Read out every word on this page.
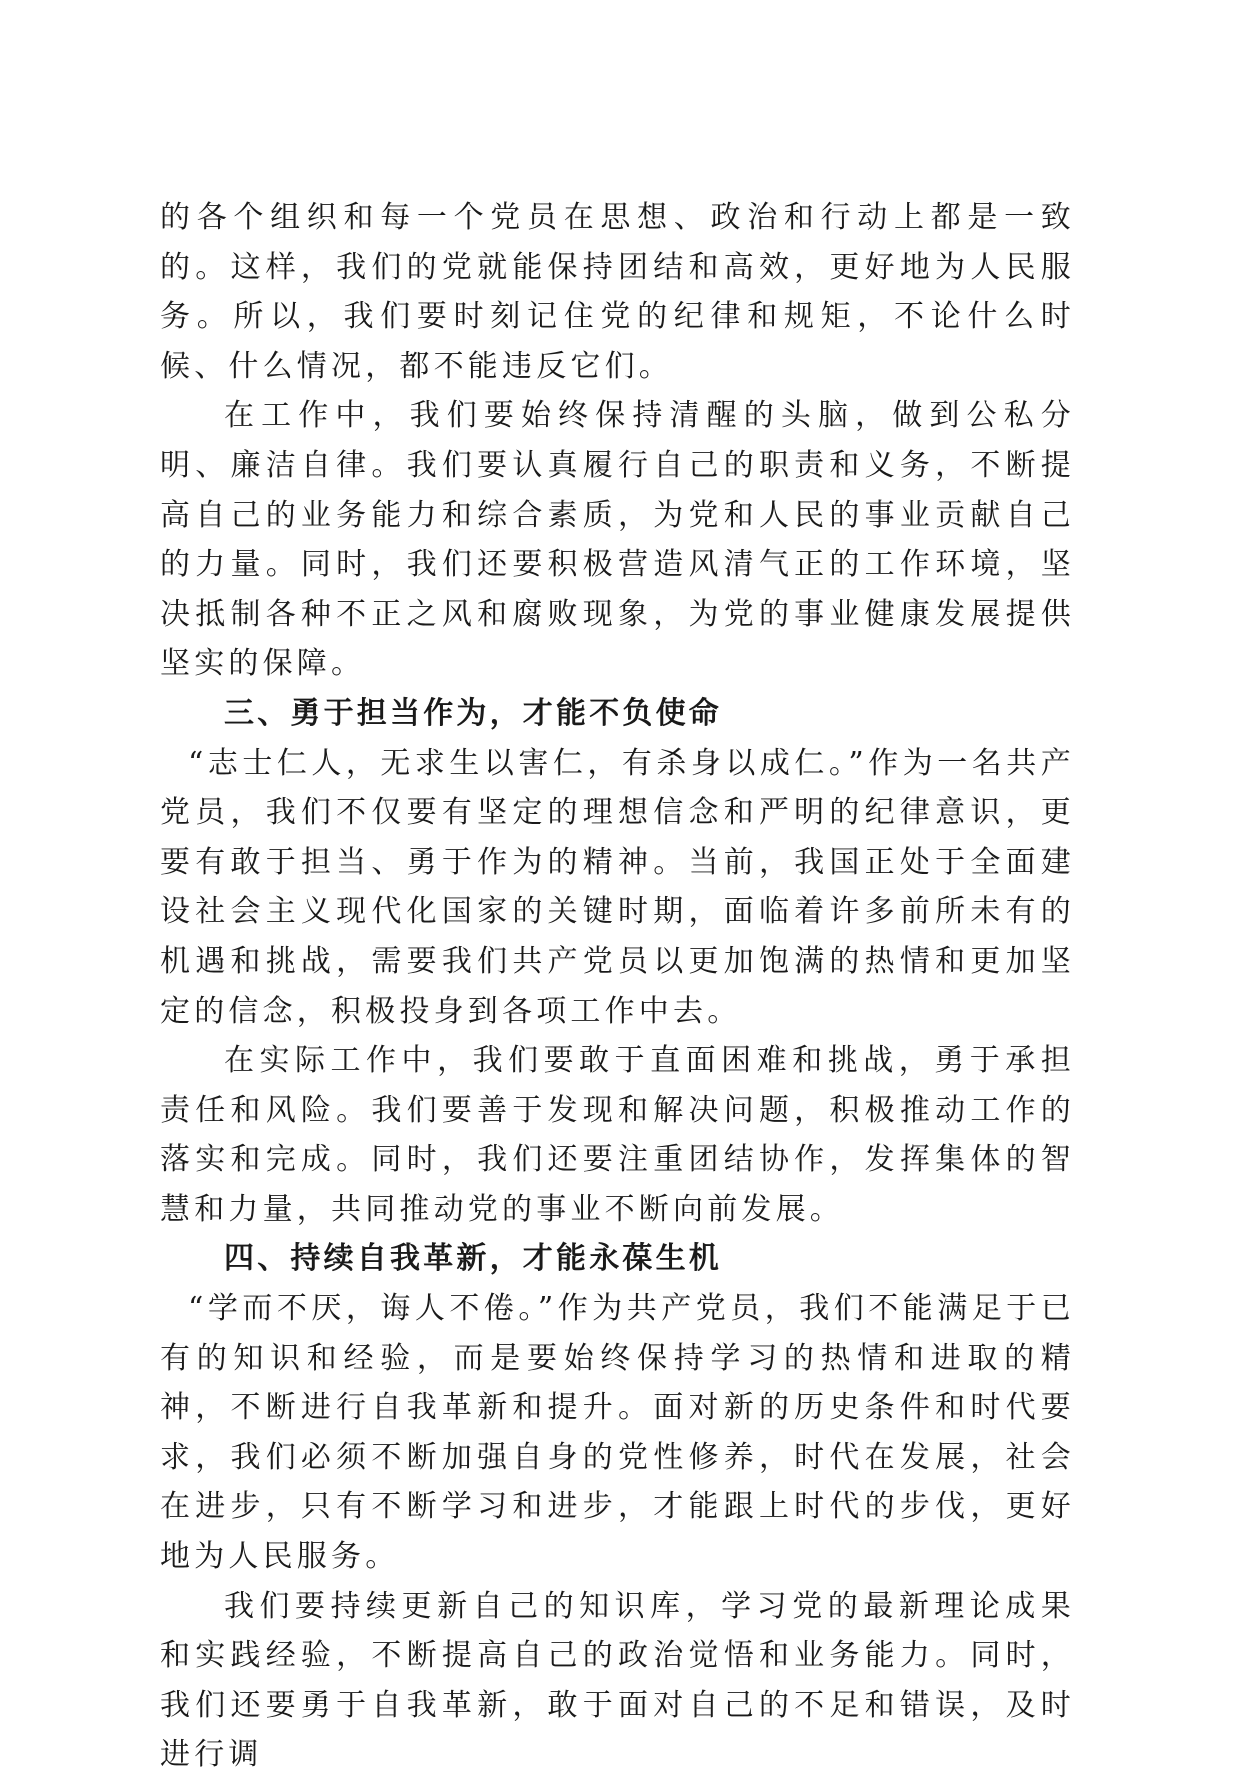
的各个组织和每一个党员在思想、政治和行动上都是一致的。这样，我们的党就能保持团结和高效，更好地为人民服务。所以，我们要时刻记住党的纪律和规矩，不论什么时候、什么情况，都不能违反它们。

在工作中，我们要始终保持清醒的头脑，做到公私分明、廉洁自律。我们要认真履行自己的职责和义务，不断提高自己的业务能力和综合素质，为党和人民的事业贡献自己的力量。同时，我们还要积极营造风清气正的工作环境，坚决抵制各种不正之风和腐败现象，为党的事业健康发展提供坚实的保障。

三、勇于担当作为，才能不负使命

“志士仁人，无求生以害仁，有杀身以成仁。”作为一名共产党员，我们不仅要有坚定的理想信念和严明的纪律意识，更要有敢于担当、勇于作为的精神。当前，我国正处于全面建设社会主义现代化国家的关键时期，面临着许多前所未有的机遇和挑战，需要我们共产党员以更加饱满的热情和更加坚定的信念，积极投身到各项工作中去。

在实际工作中，我们要敢于直面困难和挑战，勇于承担责任和风险。我们要善于发现和解决问题，积极推动工作的落实和完成。同时，我们还要注重团结协作，发挥集体的智慧和力量，共同推动党的事业不断向前发展。

四、持续自我革新，才能永葆生机

“学而不厌，诲人不倦。”作为共产党员，我们不能满足于已有的知识和经验，而是要始终保持学习的热情和进取的精神，不断进行自我革新和提升。面对新的历史条件和时代要求，我们必须不断加强自身的党性修养，时代在发展，社会在进步，只有不断学习和进步，才能跟上时代的步伐，更好地为人民服务。

我们要持续更新自己的知识库，学习党的最新理论成果和实践经验，不断提高自己的政治觉悟和业务能力。同时，我们还要勇于自我革新，敢于面对自己的不足和错误，及时进行调
